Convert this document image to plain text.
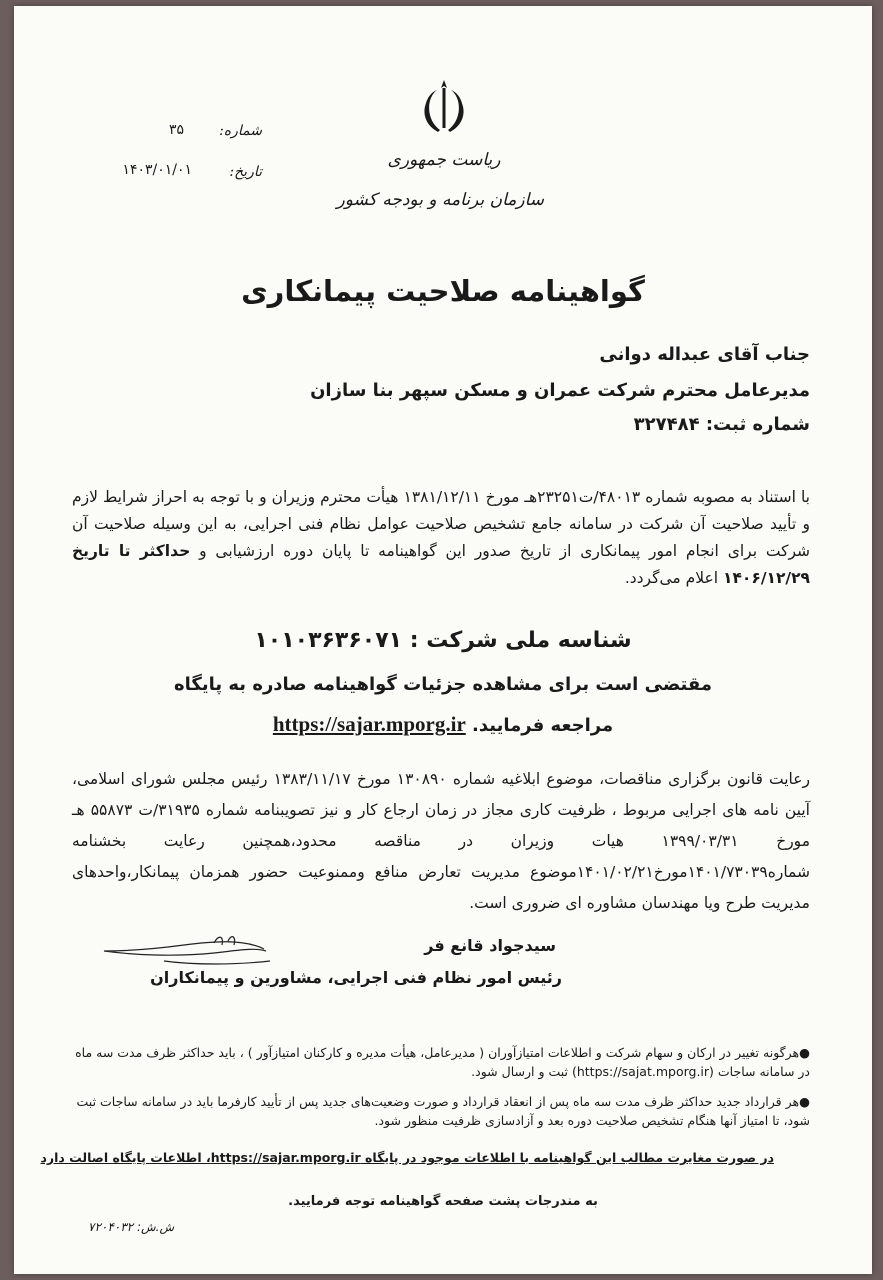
ریاست جمهوری
سازمان برنامه و بودجه کشور
شماره:
۳۵
تاریخ:
۱۴۰۳/۰۱/۰۱
گواهینامه صلاحیت پیمانکاری
جناب آقای عبداله دوانی
مدیرعامل محترم شرکت عمران و مسکن سپهر بنا سازان
شماره ثبت: ۳۲۷۴۸۴
با استناد به مصوبه شماره ۴۸۰۱۳/ت۲۳۲۵۱هـ مورخ ۱۳۸۱/۱۲/۱۱ هیأت محترم وزیران و با توجه به احراز شرایط لازم و تأیید صلاحیت آن شرکت در سامانه جامع تشخیص صلاحیت عوامل نظام فنی اجرایی، به این وسیله صلاحیت آن شرکت برای انجام امور پیمانکاری از تاریخ صدور این گواهینامه تا پایان دوره ارزشیابی و حداکثر تا تاریخ ۱۴۰۶/۱۲/۲۹ اعلام می‌گردد.
شناسه ملی شرکت : ۱۰۱۰۳۶۳۶۰۷۱
مقتضی است برای مشاهده جزئیات گواهینامه صادره به پایگاه
مراجعه فرمایید. https://sajar.mporg.ir
رعایت قانون برگزاری مناقصات، موضوع ابلاغیه شماره ۱۳۰۸۹۰ مورخ ۱۳۸۳/۱۱/۱۷ رئیس مجلس شورای اسلامی، آیین نامه های اجرایی مربوط ، ظرفیت کاری مجاز در زمان ارجاع کار و نیز تصویبنامه شماره ۳۱۹۳۵/ت ۵۵۸۷۳ هـ مورخ ۱۳۹۹/۰۳/۳۱ هیات وزیران در مناقصه محدود،همچنین رعایت بخشنامه شماره۱۴۰۱/۷۳۰۳۹مورخ۱۴۰۱/۰۲/۲۱موضوع مدیریت تعارض منافع وممنوعیت حضور همزمان پیمانکار،واحدهای مدیریت طرح ویا مهندسان مشاوره ای ضروری است.
سیدجواد قانع فر
رئیس امور نظام فنی اجرایی، مشاورین و پیمانکاران
●هرگونه تغییر در ارکان و سهام شرکت و اطلاعات امتیازآوران ( مدیرعامل، هیأت مدیره و کارکنان امتیازآور ) ، باید حداکثر ظرف مدت سه ماه در سامانه ساجات (https://sajat.mporg.ir) ثبت و ارسال شود.
●هر قرارداد جدید حداکثر ظرف مدت سه ماه پس از انعقاد قرارداد و صورت وضعیت‌های جدید پس از تأیید کارفرما باید در سامانه ساجات ثبت شود، تا امتیاز آنها هنگام تشخیص صلاحیت دوره بعد و آزادسازی ظرفیت منظور شود.
در صورت مغایرت مطالب این گواهینامه با اطلاعات موجود در پایگاه https://sajar.mporg.ir، اطلاعات پایگاه اصالت دارد
به مندرجات پشت صفحه گواهینامه توجه فرمایید.
ش.ش: ۷۲۰۴۰۳۲
